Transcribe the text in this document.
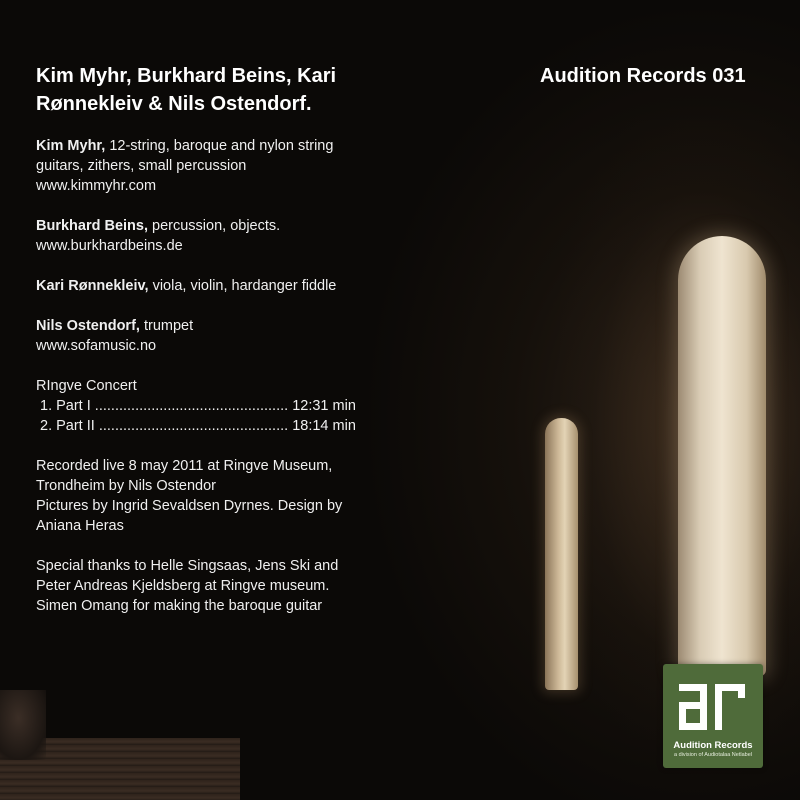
Kim Myhr, Burkhard Beins, Kari
Rønnekleiv & Nils Ostendorf.
Audition Records 031
Kim Myhr, 12-string, baroque and nylon string
guitars, zithers, small percussion
www.kimmyhr.com
Burkhard Beins, percussion, objects.
www.burkhardbeins.de
Kari Rønnekleiv, viola, violin, hardanger fiddle
Nils Ostendorf, trumpet
www.sofamusic.no
RIngve Concert
1. Part I ................................................ 12:31 min
2. Part II ............................................... 18:14 min
Recorded live 8 may 2011 at Ringve Museum,
Trondheim by Nils Ostendor
Pictures by Ingrid Sevaldsen Dyrnes. Design by
Aniana Heras
Special thanks to Helle Singsaas, Jens Ski and
Peter Andreas Kjeldsberg at Ringve museum.
Simen Omang for making the baroque guitar
Audition Records
a division of Audiotalaa Netlabel
